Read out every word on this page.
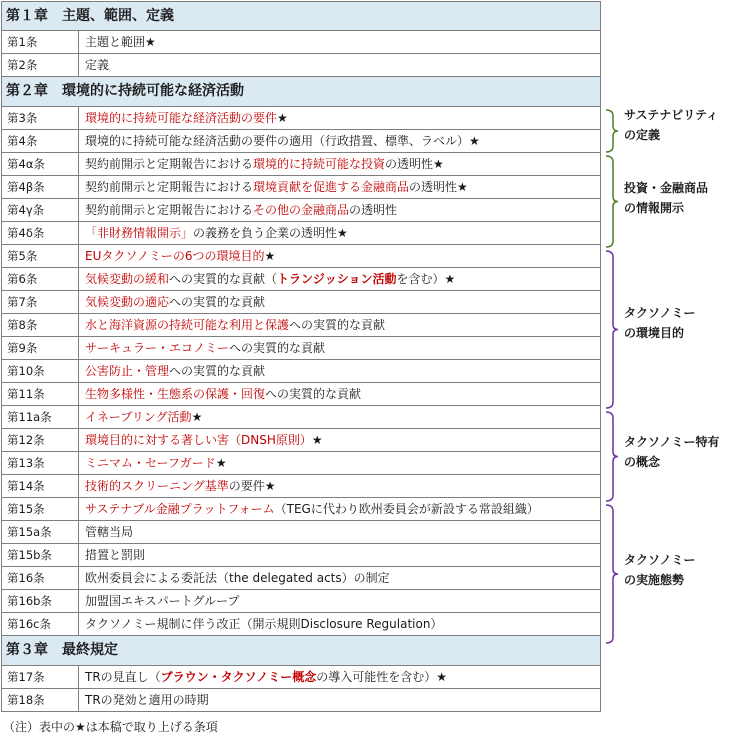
第１章　主題、範囲、定義
第1条	主題と範囲★
第2条	定義
第２章　環境的に持続可能な経済活動
第3条	環境的に持続可能な経済活動の要件★
第4条	環境的に持続可能な経済活動の要件の適用（行政措置、標準、ラベル）★
第4α条	契約前開示と定期報告における環境的に持続可能な投資の透明性★
第4β条	契約前開示と定期報告における環境貢献を促進する金融商品の透明性★
第4γ条	契約前開示と定期報告におけるその他の金融商品の透明性
第4δ条	「非財務情報開示」の義務を負う企業の透明性★
第5条	EUタクソノミーの6つの環境目的★
第6条	気候変動の緩和への実質的な貢献（トランジッション活動を含む）★
第7条	気候変動の適応への実質的な貢献
第8条	水と海洋資源の持続可能な利用と保護への実質的な貢献
第9条	サーキュラー・エコノミーへの実質的な貢献
第10条	公害防止・管理への実質的な貢献
第11条	生物多様性・生態系の保護・回復への実質的な貢献
第11a条	イネーブリング活動★
第12条	環境目的に対する著しい害（DNSH原則）★
第13条	ミニマム・セーフガード★
第14条	技術的スクリーニング基準の要件★
第15条	サステナブル金融プラットフォーム（TEGに代わり欧州委員会が新設する常設組織）
第15a条	管轄当局
第15b条	措置と罰則
第16条	欧州委員会による委託法（the delegated acts）の制定
第16b条	加盟国エキスパートグループ
第16c条	タクソノミー規制に伴う改正（開示規則Disclosure Regulation）
第３章　最終規定
第17条	TRの見直し（ブラウン・タクソノミー概念の導入可能性を含む）★
第18条	TRの発効と適用の時期
（注）表中の★は本稿で取り上げる条項
サステナビリティ
の定義
投資・金融商品
の情報開示
タクソノミー
の環境目的
タクソノミー特有
の概念
タクソノミー
の実施態勢
